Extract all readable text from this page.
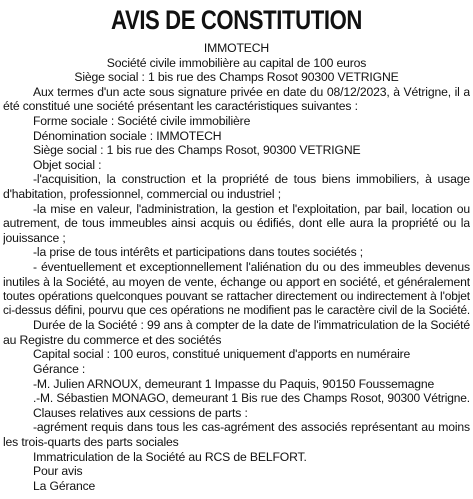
AVIS DE CONSTITUTION
IMMOTECH
Société civile immobilière au capital de 100 euros
Siège social : 1 bis rue des Champs Rosot 90300 VETRIGNE
Aux termes d'un acte sous signature privée en date du 08/12/2023, à Vétrigne, il a
été constitué une société présentant les caractéristiques suivantes :
Forme sociale : Société civile immobilière
Dénomination sociale : IMMOTECH
Siège social : 1 bis rue des Champs Rosot, 90300 VETRIGNE
Objet social :
-l'acquisition, la construction et la propriété de tous biens immobiliers, à usage
d'habitation, professionnel, commercial ou industriel ;
-la mise en valeur, l'administration, la gestion et l'exploitation, par bail, location ou
autrement, de tous immeubles ainsi acquis ou édifiés, dont elle aura la propriété ou la
jouissance ;
-la prise de tous intérêts et participations dans toutes sociétés ;
- éventuellement et exceptionnellement l'aliénation du ou des immeubles devenus
inutiles à la Société, au moyen de vente, échange ou apport en société, et généralement
toutes opérations quelconques pouvant se rattacher directement ou indirectement à l'objet
ci-dessus défini, pourvu que ces opérations ne modifient pas le caractère civil de la Société.
Durée de la Société : 99 ans à compter de la date de l'immatriculation de la Société
au Registre du commerce et des sociétés
Capital social : 100 euros, constitué uniquement d'apports en numéraire
Gérance :
-M. Julien ARNOUX, demeurant 1 Impasse du Paquis, 90150 Foussemagne
.-M. Sébastien MONAGO, demeurant 1 Bis rue des Champs Rosot, 90300 Vétrigne.
Clauses relatives aux cessions de parts :
-agrément requis dans tous les cas-agrément des associés représentant au moins
les trois-quarts des parts sociales
Immatriculation de la Société au RCS de BELFORT.
Pour avis
La Gérance
